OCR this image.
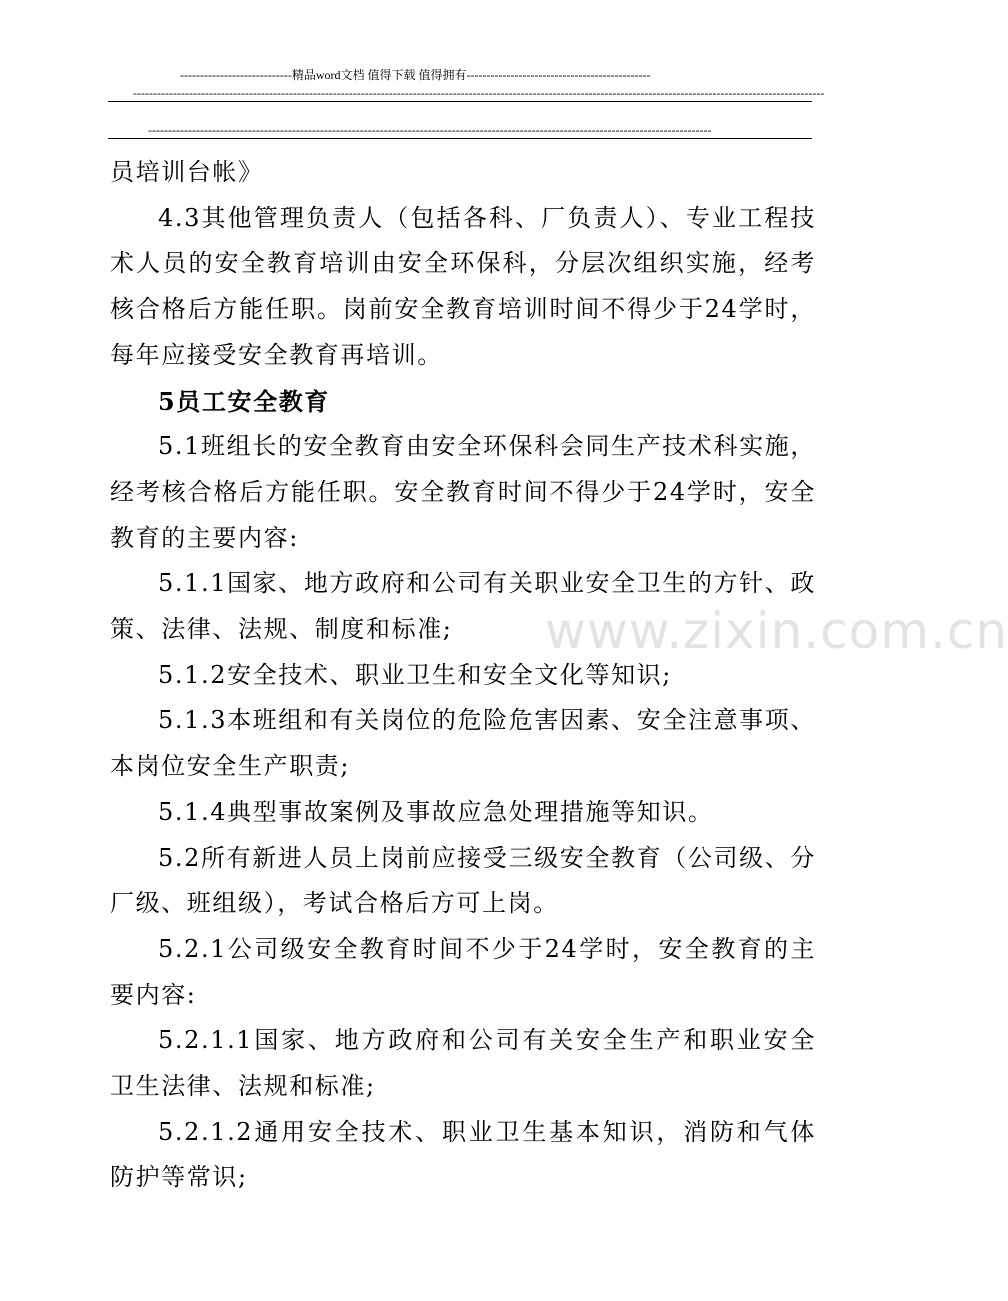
----------------------------精品word文档 值得下载 值得拥有----------------------------------------------
-----------------------------------------------------------------------------------------------------------------------------------------------------------------------------
---------------------------------------------------------------------------------------------------------------------------------------------
www.zixin.com.cn

员培训台帐》

4.3其他管理负责人（包括各科、厂负责人）、专业工程技术人员的安全教育培训由安全环保科，分层次组织实施，经考核合格后方能任职。岗前安全教育培训时间不得少于24学时，每年应接受安全教育再培训。

5员工安全教育

5.1班组长的安全教育由安全环保科会同生产技术科实施，经考核合格后方能任职。安全教育时间不得少于24学时，安全教育的主要内容:

5.1.1国家、地方政府和公司有关职业安全卫生的方针、政策、法律、法规、制度和标准;

5.1.2安全技术、职业卫生和安全文化等知识;

5.1.3本班组和有关岗位的危险危害因素、安全注意事项、本岗位安全生产职责;

5.1.4典型事故案例及事故应急处理措施等知识。

5.2所有新进人员上岗前应接受三级安全教育（公司级、分厂级、班组级），考试合格后方可上岗。

5.2.1公司级安全教育时间不少于24学时，安全教育的主要内容:

5.2.1.1国家、地方政府和公司有关安全生产和职业安全卫生法律、法规和标准;

5.2.1.2通用安全技术、职业卫生基本知识，消防和气体防护等常识;
